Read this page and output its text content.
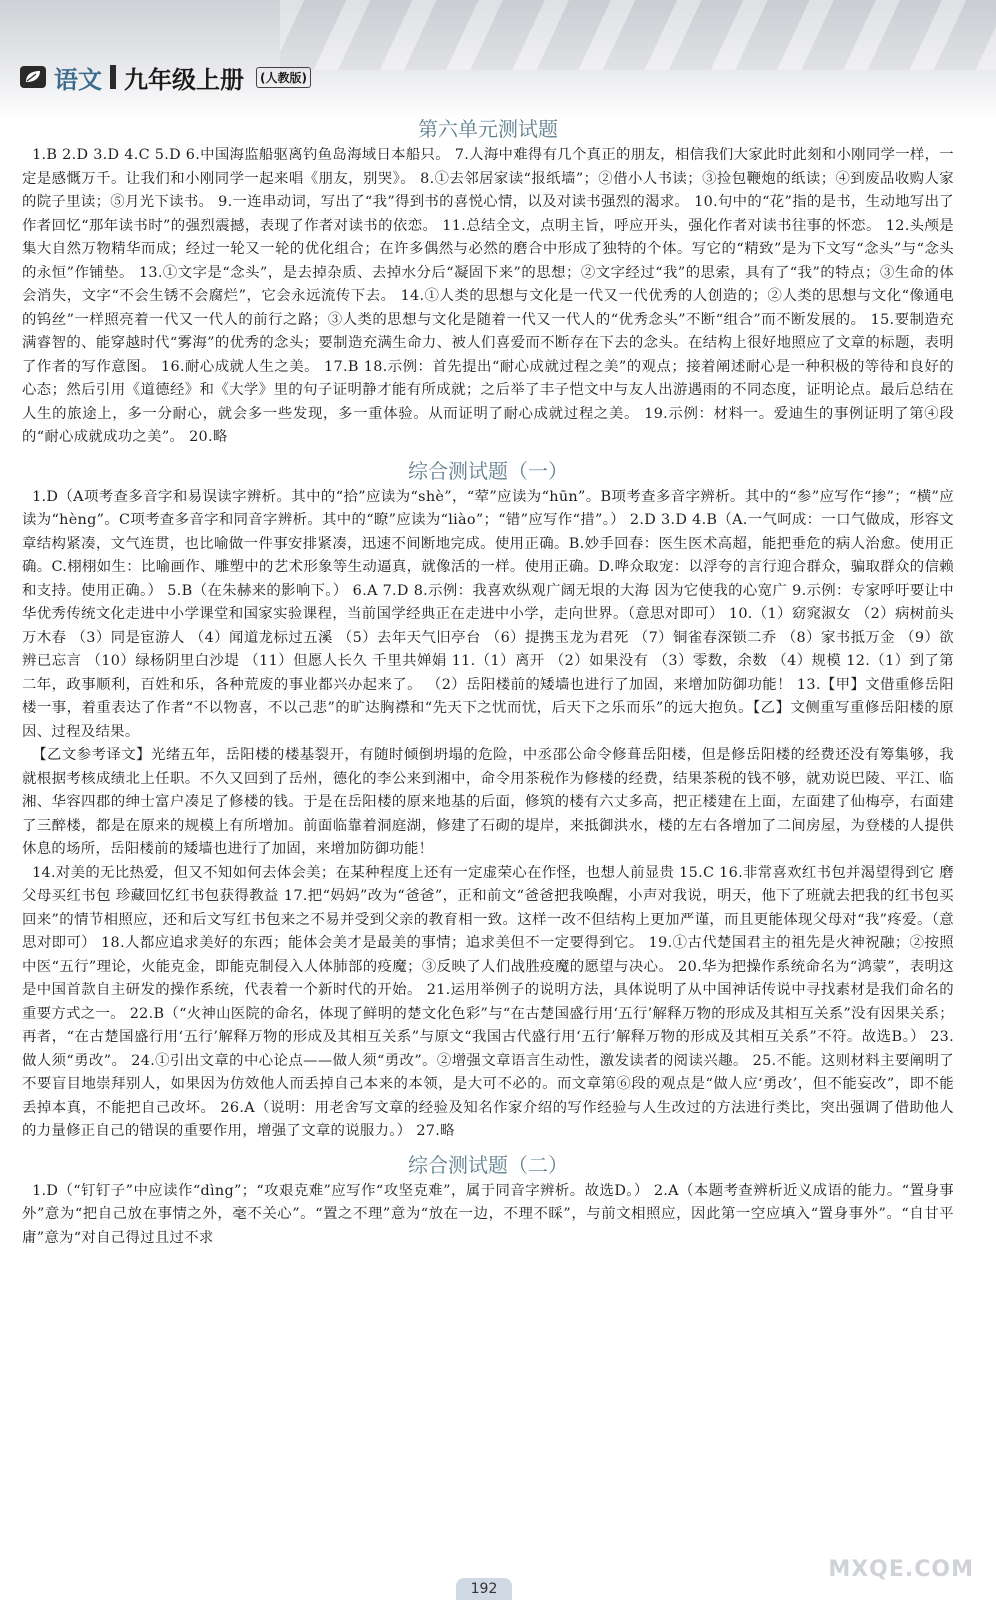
语文 九年级上册	(人教版)
第六单元测试题

1.B 2.D 3.D 4.C 5.D 6.中国海监船驱离钓鱼岛海域日本船只。 7.人海中难得有几个真正的朋友，相信我们大家此时此刻和小刚同学一样，一定是感慨万千。让我们和小刚同学一起来唱《朋友，别哭》。 8.①去邻居家读“报纸墙”；②借小人书读；③捡包鞭炮的纸读；④到废品收购人家的院子里读；⑤月光下读书。 9.一连串动词，写出了“我”得到书的喜悦心情，以及对读书强烈的渴求。 10.句中的“花”指的是书，生动地写出了作者回忆“那年读书时”的强烈震撼，表现了作者对读书的依恋。 11.总结全文，点明主旨，呼应开头，强化作者对读书往事的怀恋。 12.头颅是集大自然万物精华而成；经过一轮又一轮的优化组合；在许多偶然与必然的磨合中形成了独特的个体。写它的“精致”是为下文写“念头”与“念头的永恒”作铺垫。 13.①文字是“念头”，是去掉杂质、去掉水分后“凝固下来”的思想；②文字经过“我”的思索，具有了“我”的特点；③生命的体会消失，文字“不会生锈不会腐烂”，它会永远流传下去。 14.①人类的思想与文化是一代又一代优秀的人创造的；②人类的思想与文化“像通电的钨丝”一样照亮着一代又一代人的前行之路；③人类的思想与文化是随着一代又一代人的“优秀念头”不断“组合”而不断发展的。 15.要制造充满睿智的、能穿越时代“雾海”的优秀的念头；要制造充满生命力、被人们喜爱而不断存在下去的念头。在结构上很好地照应了文章的标题，表明了作者的写作意图。 16.耐心成就人生之美。 17.B 18.示例：首先提出“耐心成就过程之美”的观点；接着阐述耐心是一种积极的等待和良好的心态；然后引用《道德经》和《大学》里的句子证明静才能有所成就；之后举了丰子恺文中与友人出游遇雨的不同态度，证明论点。最后总结在人生的旅途上，多一分耐心，就会多一些发现，多一重体验。从而证明了耐心成就过程之美。 19.示例：材料一。爱迪生的事例证明了第④段的“耐心成就成功之美”。 20.略

综合测试题（一）

1.D（A项考查多音字和易误读字辨析。其中的“拾”应读为“shè”，“荤”应读为“hūn”。B项考查多音字辨析。其中的“参”应写作“掺”；“横”应读为“hèng”。C项考查多音字和同音字辨析。其中的“瞭”应读为“liào”；“错”应写作“措”。） 2.D 3.D 4.B（A.一气呵成：一口气做成，形容文章结构紧凑，文气连贯，也比喻做一件事安排紧凑，迅速不间断地完成。使用正确。B.妙手回春：医生医术高超，能把垂危的病人治愈。使用正确。C.栩栩如生：比喻画作、雕塑中的艺术形象等生动逼真，就像活的一样。使用正确。D.哗众取宠：以浮夸的言行迎合群众，骗取群众的信赖和支持。使用正确。） 5.B（在朱赫来的影响下。） 6.A 7.D 8.示例：我喜欢纵观广阔无垠的大海 因为它使我的心宽广 9.示例：专家呼吁要让中华优秀传统文化走进中小学课堂和国家实验课程，当前国学经典正在走进中小学，走向世界。（意思对即可） 10.（1）窈窕淑女 （2）病树前头万木春 （3）同是宦游人 （4）闻道龙标过五溪 （5）去年天气旧亭台 （6）提携玉龙为君死 （7）铜雀春深锁二乔 （8）家书抵万金 （9）欲辨已忘言 （10）绿杨阴里白沙堤 （11）但愿人长久 千里共婵娟 11.（1）离开 （2）如果没有 （3）零数，余数 （4）规模 12.（1）到了第二年，政事顺利，百姓和乐，各种荒废的事业都兴办起来了。 （2）岳阳楼前的矮墙也进行了加固，来增加防御功能！ 13.【甲】文借重修岳阳楼一事，着重表达了作者“不以物喜，不以己悲”的旷达胸襟和“先天下之忧而忧，后天下之乐而乐”的远大抱负。【乙】文侧重写重修岳阳楼的原因、过程及结果。

【乙文参考译文】光绪五年，岳阳楼的楼基裂开，有随时倾倒坍塌的危险，中丞邵公命令修葺岳阳楼，但是修岳阳楼的经费还没有筹集够，我就根据考核成绩北上任职。不久又回到了岳州，德化的李公来到湘中，命令用茶税作为修楼的经费，结果茶税的钱不够，就劝说巴陵、平江、临湘、华容四郡的绅士富户凑足了修楼的钱。于是在岳阳楼的原来地基的后面，修筑的楼有六丈多高，把正楼建在上面，左面建了仙梅亭，右面建了三醉楼，都是在原来的规模上有所增加。前面临靠着洞庭湖，修建了石砌的堤岸，来抵御洪水，楼的左右各增加了二间房屋，为登楼的人提供休息的场所，岳阳楼前的矮墙也进行了加固，来增加防御功能！

14.对美的无比热爱，但又不知如何去体会美；在某种程度上还有一定虚荣心在作怪，也想人前显贵 15.C 16.非常喜欢红书包并渴望得到它 磨父母买红书包 珍藏回忆红书包获得教益 17.把“妈妈”改为“爸爸”，正和前文“爸爸把我唤醒，小声对我说，明天，他下了班就去把我的红书包买回来”的情节相照应，还和后文写红书包来之不易并受到父亲的教育相一致。这样一改不但结构上更加严谨，而且更能体现父母对“我”疼爱。（意思对即可） 18.人都应追求美好的东西；能体会美才是最美的事情；追求美但不一定要得到它。 19.①古代楚国君主的祖先是火神祝融；②按照中医“五行”理论，火能克金，即能克制侵入人体肺部的疫魔；③反映了人们战胜疫魔的愿望与决心。 20.华为把操作系统命名为“鸿蒙”，表明这是中国首款自主研发的操作系统，代表着一个新时代的开始。 21.运用举例子的说明方法，具体说明了从中国神话传说中寻找素材是我们命名的重要方式之一。 22.B（“火神山医院的命名，体现了鲜明的楚文化色彩”与“在古楚国盛行用‘五行’解释万物的形成及其相互关系”没有因果关系；再者，“在古楚国盛行用‘五行’解释万物的形成及其相互关系”与原文“我国古代盛行用‘五行’解释万物的形成及其相互关系”不符。故选B。） 23.做人须“勇改”。 24.①引出文章的中心论点——做人须“勇改”。②增强文章语言生动性，激发读者的阅读兴趣。 25.不能。这则材料主要阐明了不要盲目地崇拜别人，如果因为仿效他人而丢掉自己本来的本领，是大可不必的。而文章第⑥段的观点是“做人应‘勇改’，但不能妄改”，即不能丢掉本真，不能把自己改坏。 26.A（说明：用老舍写文章的经验及知名作家介绍的写作经验与人生改过的方法进行类比，突出强调了借助他人的力量修正自己的错误的重要作用，增强了文章的说服力。） 27.略

综合测试题（二）

1.D（“钉钉子”中应读作“dìng”；“攻艰克难”应写作“攻坚克难”，属于同音字辨析。故选D。） 2.A（本题考查辨析近义成语的能力。“置身事外”意为“把自己放在事情之外，毫不关心”。“置之不理”意为“放在一边，不理不睬”，与前文相照应，因此第一空应填入“置身事外”。“自甘平庸”意为“对自己得过且过不求

192
MXQE.COM
